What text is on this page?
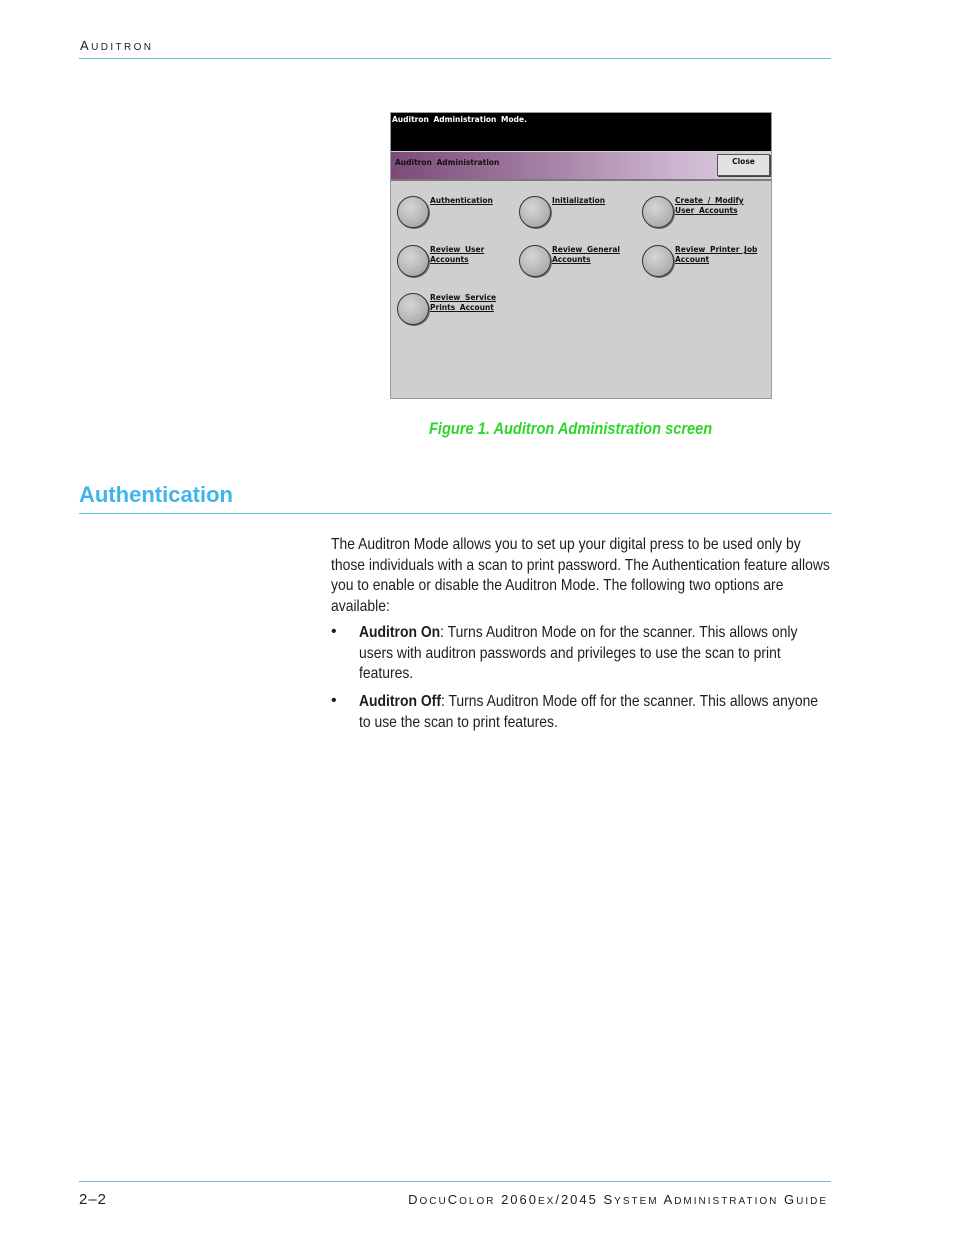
AUDITRON
Auditron Administration Mode.
Auditron Administration	Close
Authentication	Initialization	Create / Modify
User Accounts
Review User
Accounts
Review General
Accounts
Review Printer Job
Account
Review Service
Prints Account
Figure 1. Auditron Administration screen
Authentication
The Auditron Mode allows you to set up your digital press to be used only by those individuals with a scan to print password. The Authentication feature allows you to enable or disable the Auditron Mode. The following two options are available:
• Auditron On: Turns Auditron Mode on for the scanner. This allows only users with auditron passwords and privileges to use the scan to print features.
• Auditron Off: Turns Auditron Mode off for the scanner. This allows anyone to use the scan to print features.
2–2	DOCUCOLOR 2060EX/2045 SYSTEM ADMINISTRATION GUIDE
